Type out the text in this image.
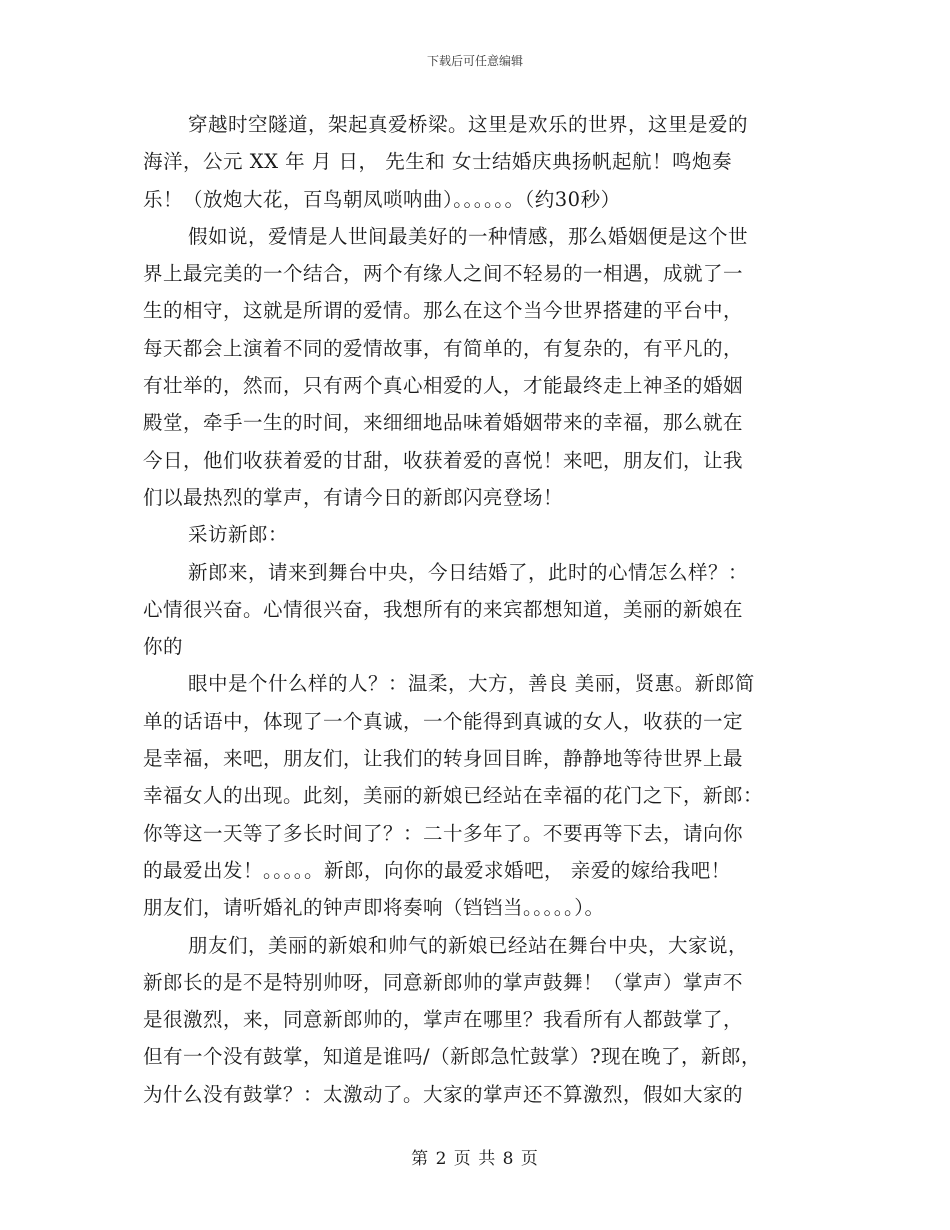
下载后可任意编辑
穿越时空隧道，架起真爱桥梁。这里是欢乐的世界，这里是爱的
海洋，公元 XX 年 月 日， 先生和 女士结婚庆典扬帆起航！鸣炮奏
乐！（放炮大花，百鸟朝凤唢呐曲）。。。。。。（约30秒）
假如说，爱情是人世间最美好的一种情感，那么婚姻便是这个世
界上最完美的一个结合，两个有缘人之间不轻易的一相遇，成就了一
生的相守，这就是所谓的爱情。那么在这个当今世界搭建的平台中，
每天都会上演着不同的爱情故事，有简单的，有复杂的，有平凡的，
有壮举的，然而，只有两个真心相爱的人，才能最终走上神圣的婚姻
殿堂，牵手一生的时间，来细细地品味着婚姻带来的幸福，那么就在
今日，他们收获着爱的甘甜，收获着爱的喜悦！来吧，朋友们，让我
们以最热烈的掌声，有请今日的新郎闪亮登场！
采访新郎：
新郎来，请来到舞台中央，今日结婚了，此时的心情怎么样？：
心情很兴奋。心情很兴奋，我想所有的来宾都想知道，美丽的新娘在
你的
眼中是个什么样的人？：温柔，大方，善良 美丽，贤惠。新郎简
单的话语中，体现了一个真诚，一个能得到真诚的女人，收获的一定
是幸福，来吧，朋友们，让我们的转身回目眸，静静地等待世界上最
幸福女人的出现。此刻，美丽的新娘已经站在幸福的花门之下，新郎：
你等这一天等了多长时间了？：二十多年了。不要再等下去，请向你
的最爱出发！。。。。。新郎，向你的最爱求婚吧， 亲爱的嫁给我吧！
朋友们，请听婚礼的钟声即将奏响（铛铛当。。。。。）。
朋友们，美丽的新娘和帅气的新娘已经站在舞台中央，大家说，
新郎长的是不是特别帅呀，同意新郎帅的掌声鼓舞！（掌声）掌声不
是很激烈，来，同意新郎帅的，掌声在哪里？我看所有人都鼓掌了，
但有一个没有鼓掌，知道是谁吗/（新郎急忙鼓掌）?现在晚了，新郎，
为什么没有鼓掌？：太激动了。大家的掌声还不算激烈，假如大家的
第 2 页 共 8 页
